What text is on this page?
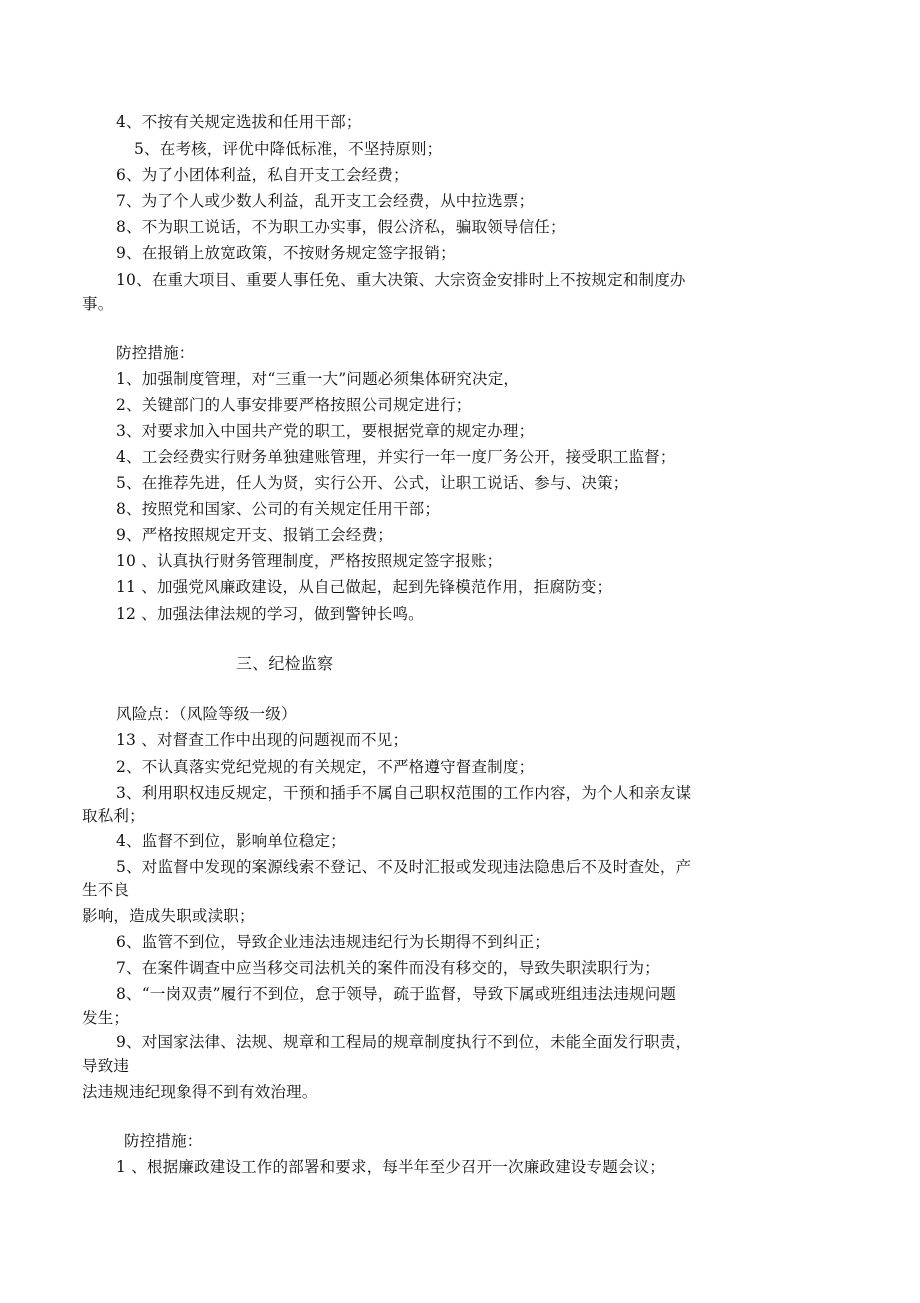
4、不按有关规定选拔和任用干部；
5、在考核，评优中降低标准，不坚持原则；
6、为了小团体利益，私自开支工会经费；
7、为了个人或少数人利益，乱开支工会经费，从中拉选票；
8、不为职工说话，不为职工办实事，假公济私，骗取领导信任；
9、在报销上放宽政策，不按财务规定签字报销；
10、在重大项目、重要人事任免、重大决策、大宗资金安排时上不按规定和制度办
事。
防控措施：
1、加强制度管理，对“三重一大”问题必须集体研究决定，
2、关键部门的人事安排要严格按照公司规定进行；
3、对要求加入中国共产党的职工，要根据党章的规定办理；
4、工会经费实行财务单独建账管理，并实行一年一度厂务公开，接受职工监督；
5、在推荐先进，任人为贤，实行公开、公式，让职工说话、参与、决策；
8、按照党和国家、公司的有关规定任用干部；
9、严格按照规定开支、报销工会经费；
10 、认真执行财务管理制度，严格按照规定签字报账；
11 、加强党风廉政建设，从自己做起，起到先锋模范作用，拒腐防变；
12 、加强法律法规的学习，做到警钟长鸣。
三、纪检监察
风险点：（风险等级一级）
13 、对督查工作中出现的问题视而不见；
2、不认真落实党纪党规的有关规定，不严格遵守督查制度；
3、利用职权违反规定，干预和插手不属自己职权范围的工作内容，为个人和亲友谋
取私利；
4、监督不到位，影响单位稳定；
5、对监督中发现的案源线索不登记、不及时汇报或发现违法隐患后不及时查处，产
生不良
影响，造成失职或渎职；
6、监管不到位，导致企业违法违规违纪行为长期得不到纠正；
7、在案件调查中应当移交司法机关的案件而没有移交的，导致失职渎职行为；
8、“一岗双责”履行不到位，怠于领导，疏于监督，导致下属或班组违法违规问题
发生；
9、对国家法律、法规、规章和工程局的规章制度执行不到位，未能全面发行职责，
导致违
法违规违纪现象得不到有效治理。
防控措施：
1 、根据廉政建设工作的部署和要求，每半年至少召开一次廉政建设专题会议；
